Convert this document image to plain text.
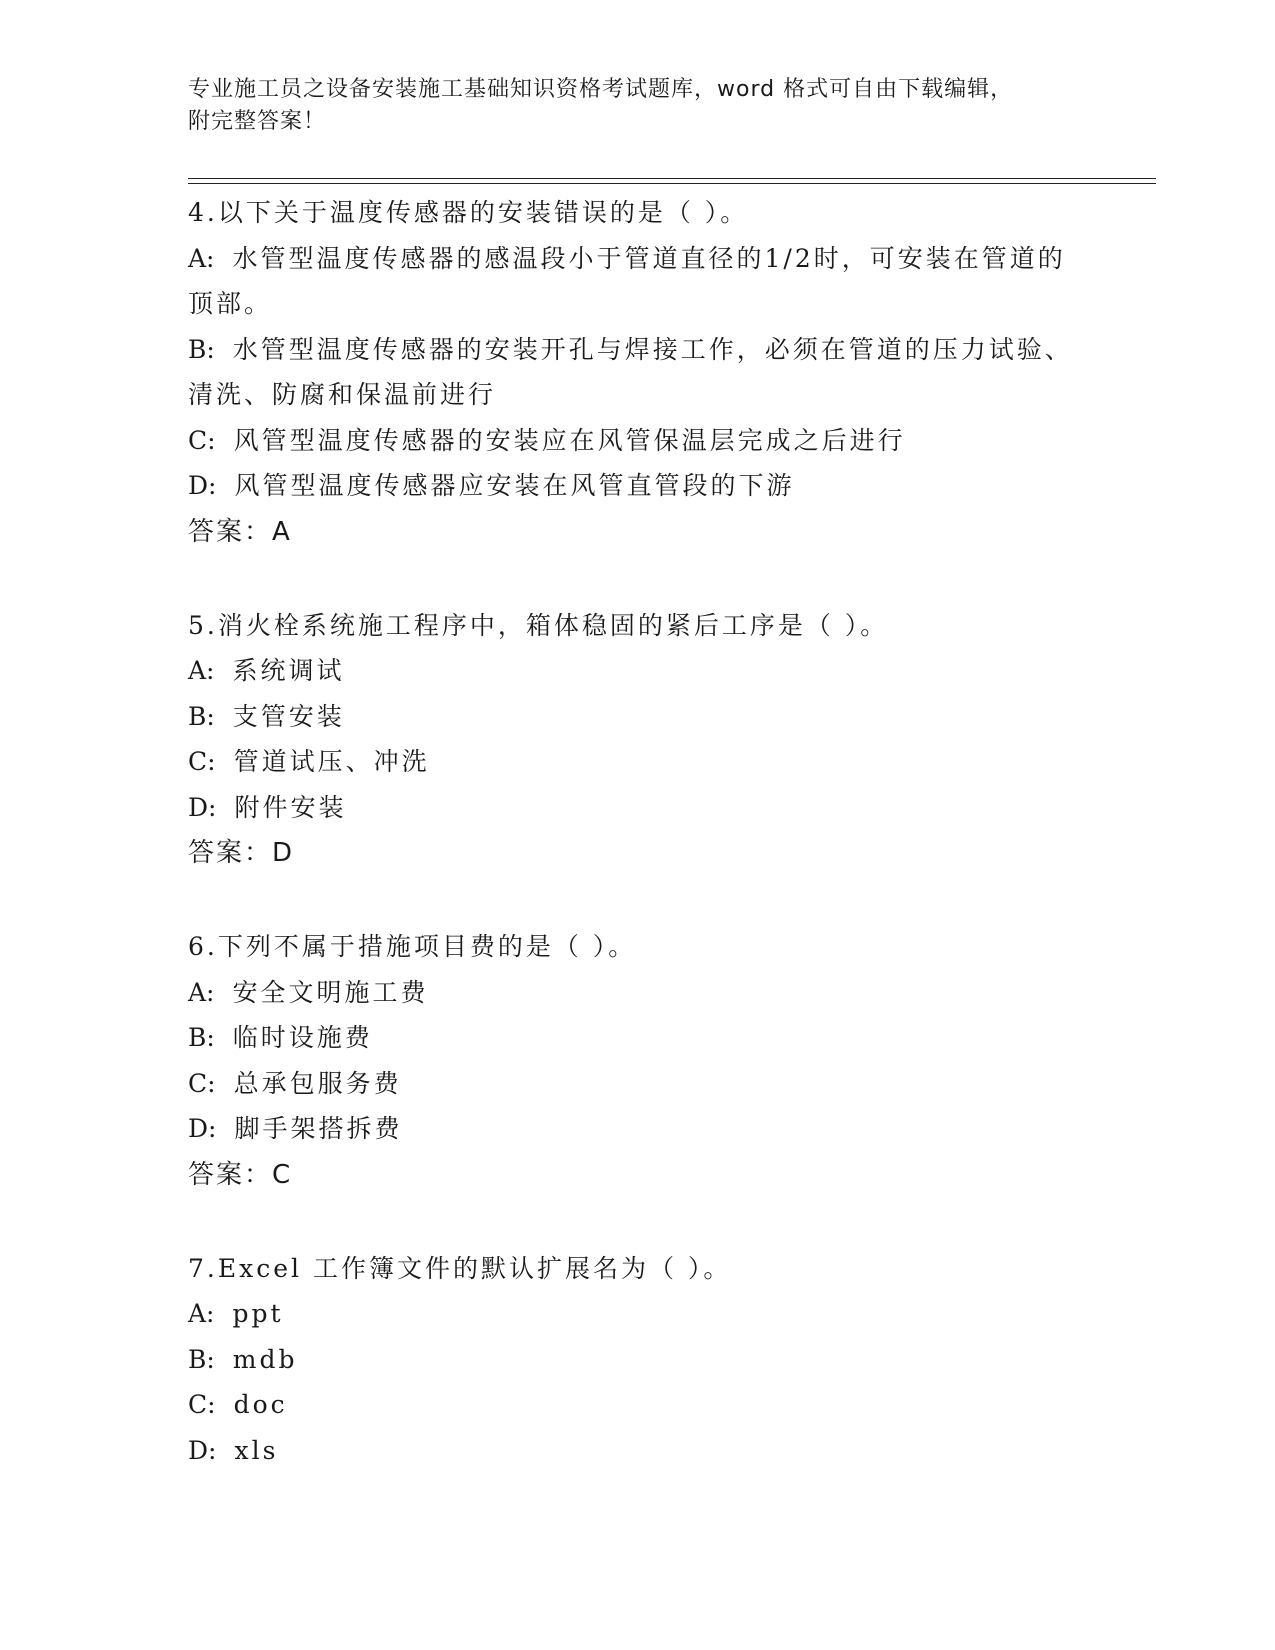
专业施工员之设备安装施工基础知识资格考试题库，word 格式可自由下载编辑，
附完整答案！
4.以下关于温度传感器的安装错误的是（ ）。
A: 水管型温度传感器的感温段小于管道直径的1/2时，可安装在管道的顶部。
B: 水管型温度传感器的安装开孔与焊接工作，必须在管道的压力试验、清洗、防腐和保温前进行
C: 风管型温度传感器的安装应在风管保温层完成之后进行
D: 风管型温度传感器应安装在风管直管段的下游
答案：A
5.消火栓系统施工程序中，箱体稳固的紧后工序是（ ）。
A: 系统调试
B: 支管安装
C: 管道试压、冲洗
D: 附件安装
答案：D
6.下列不属于措施项目费的是（ ）。
A: 安全文明施工费
B: 临时设施费
C: 总承包服务费
D: 脚手架搭拆费
答案：C
7.Excel 工作簿文件的默认扩展名为（ ）。
A: ppt
B: mdb
C: doc
D: xls
